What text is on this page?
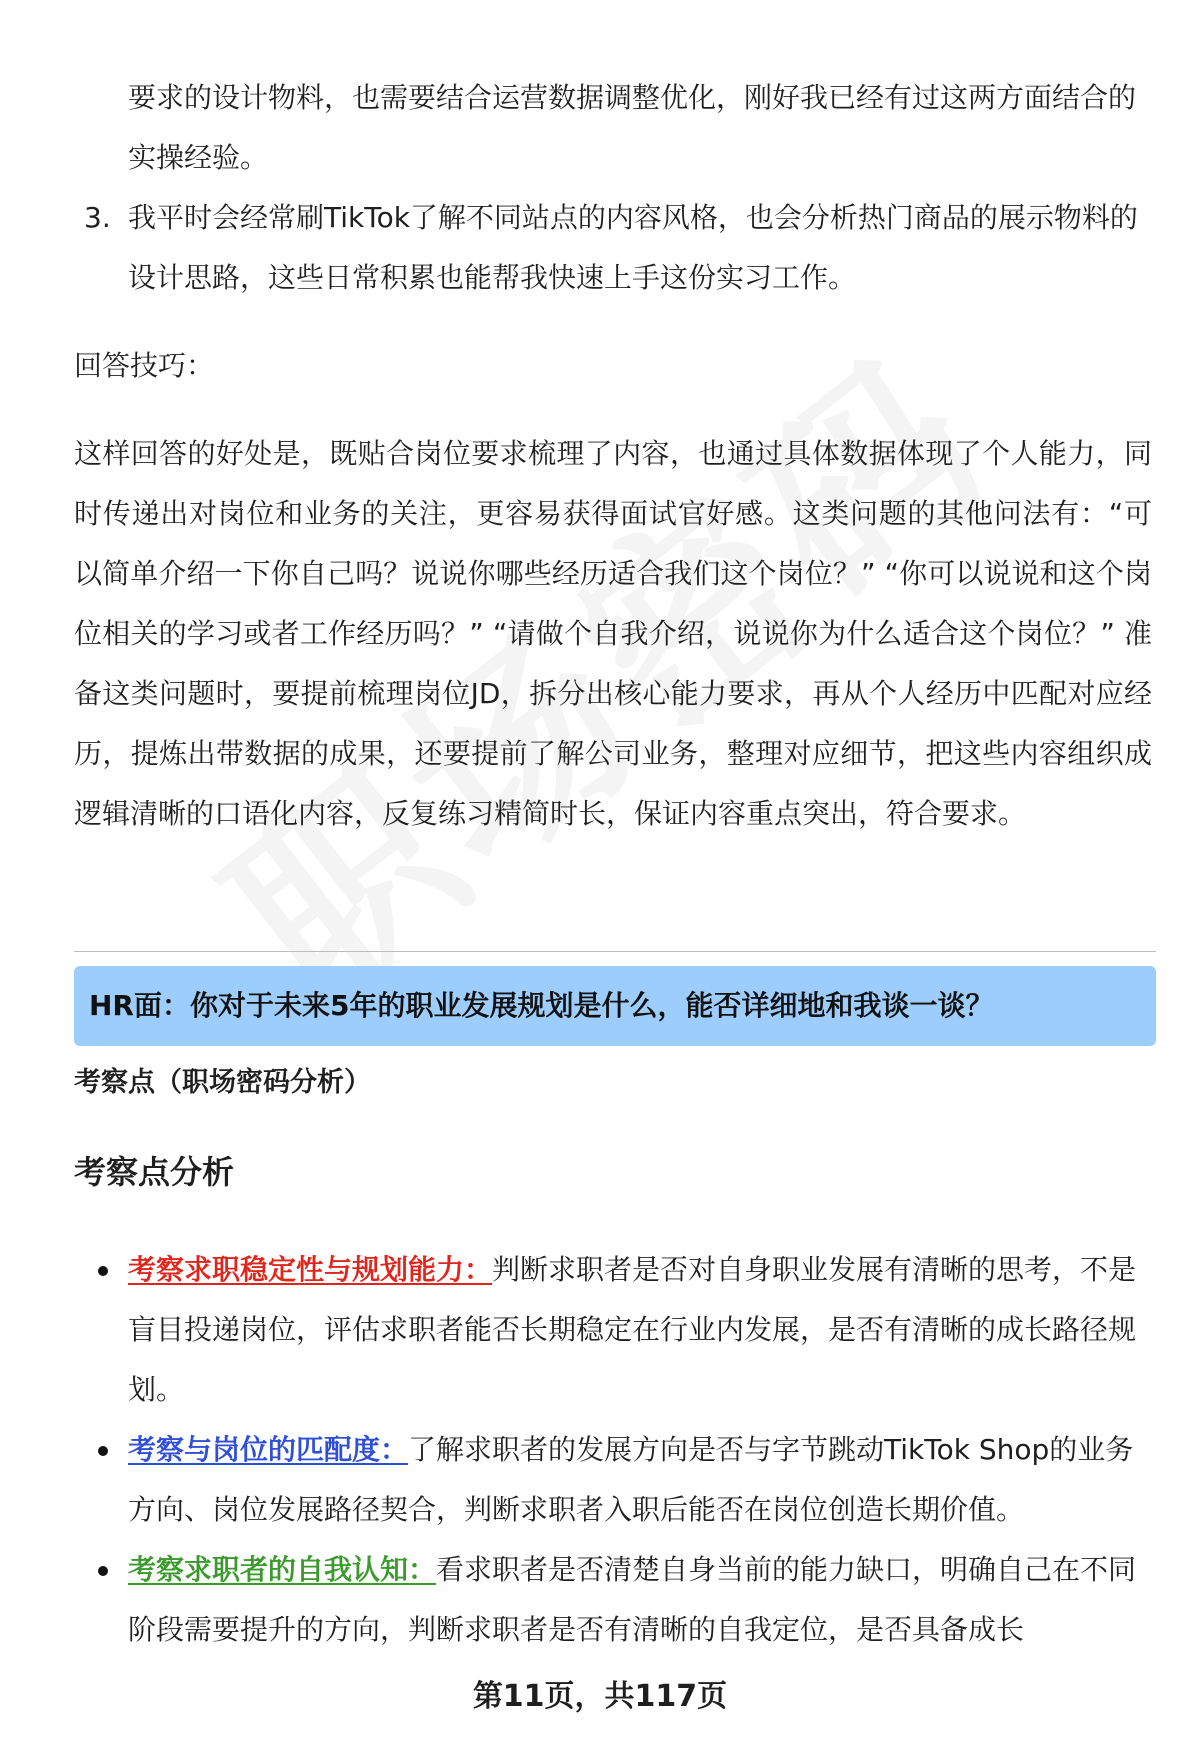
要求的设计物料，也需要结合运营数据调整优化，刚好我已经有过这两方面结合的实操经验。
3. 我平时会经常刷TikTok了解不同站点的内容风格，也会分析热门商品的展示物料的设计思路，这些日常积累也能帮我快速上手这份实习工作。
回答技巧：
这样回答的好处是，既贴合岗位要求梳理了内容，也通过具体数据体现了个人能力，同时传递出对岗位和业务的关注，更容易获得面试官好感。这类问题的其他问法有：“可以简单介绍一下你自己吗？说说你哪些经历适合我们这个岗位？” “你可以说说和这个岗位相关的学习或者工作经历吗？” “请做个自我介绍，说说你为什么适合这个岗位？” 准备这类问题时，要提前梳理岗位JD，拆分出核心能力要求，再从个人经历中匹配对应经历，提炼出带数据的成果，还要提前了解公司业务，整理对应细节，把这些内容组织成逻辑清晰的口语化内容，反复练习精简时长，保证内容重点突出，符合要求。
HR面：你对于未来5年的职业发展规划是什么，能否详细地和我谈一谈？
考察点（职场密码分析）
考察点分析
考察求职稳定性与规划能力：判断求职者是否对自身职业发展有清晰的思考，不是盲目投递岗位，评估求职者能否长期稳定在行业内发展，是否有清晰的成长路径规划。
考察与岗位的匹配度：了解求职者的发展方向是否与字节跳动TikTok Shop的业务方向、岗位发展路径契合，判断求职者入职后能否在岗位创造长期价值。
考察求职者的自我认知：看求职者是否清楚自身当前的能力缺口，明确自己在不同阶段需要提升的方向，判断求职者是否有清晰的自我定位，是否具备成长
第11页，共117页
